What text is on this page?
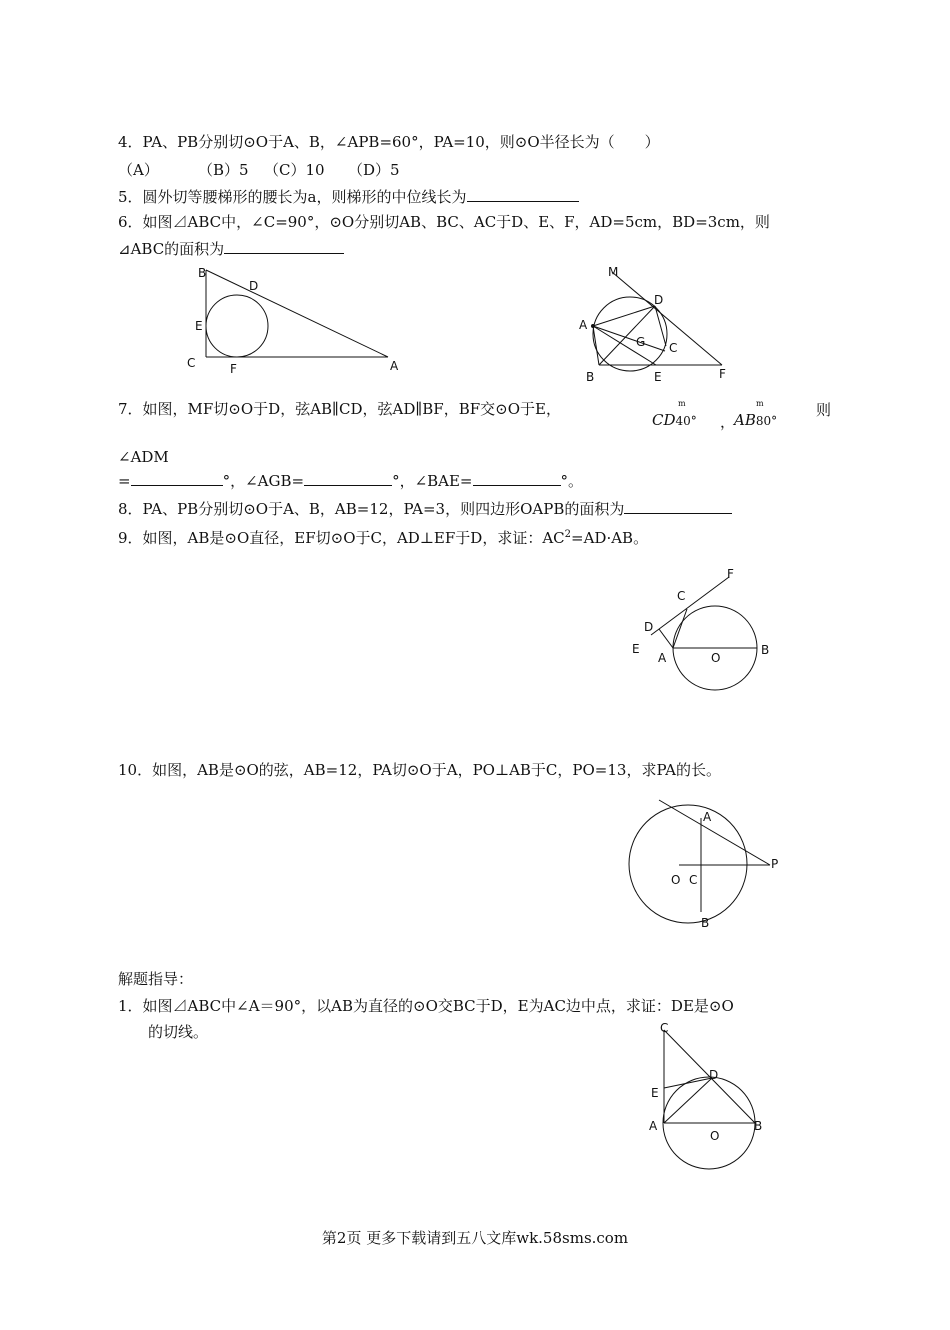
4．PA、PB分别切⊙O于A、B，∠APB=60°，PA=10，则⊙O半径长为（　　）
（A）	（B）5 （C）10 （D）5
5．圆外切等腰梯形的腰长为a，则梯形的中位线长为
6．如图⊿ABC中，∠C=90°，⊙O分别切AB、BC、AC于D、E、F，AD=5cm，BD=3cm，则
⊿ABC的面积为
B
D
E
C	F	A
M
D
A
G C
B	E	F
7．如图，MF切⊙O于D，弦AB∥CD，弦AD∥BF，BF交⊙O于E，	m
CD40° ，
m
AB80°
则
∠ADM
=	°，∠AGB=	°，∠BAE=	°。
8．PA、PB分别切⊙O于A、B，AB=12，PA=3，则四边形OAPB的面积为
9．如图，AB是⊙O直径，EF切⊙O于C，AD⊥EF于D，求证：$AC^2=AD\cdot AB$。
F
C
D
E
A	O
B
10．如图，AB是⊙O的弦，AB=12，PA切⊙O于A，PO⊥AB于C，PO=13，求PA的长。
A
P
O C
B
解题指导：
1．如图⊿ABC中∠A＝90°，以AB为直径的⊙O交BC于D，E为AC边中点，求证：DE是⊙O
的切线。	C
D
E
A
O
B
第2页 更多下载请到五八文库wk.58sms.com
